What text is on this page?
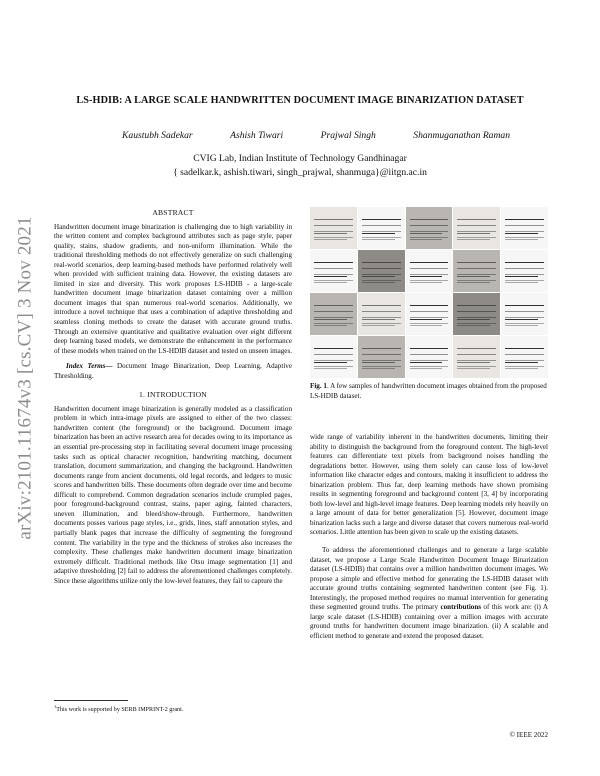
arXiv:2101.11674v3 [cs.CV] 3 Nov 2021
LS-HDIB: A LARGE SCALE HANDWRITTEN DOCUMENT IMAGE BINARIZATION DATASET
Kaustubh Sadekar	Ashish Tiwari	Prajwal Singh	Shanmuganathan Raman
CVIG Lab, Indian Institute of Technology Gandhinagar
{ sadelkar.k, ashish.tiwari, singh_prajwal, shanmuga}@iitgn.ac.in
ABSTRACT

Handwritten document image binarization is challenging due to high variability in the written content and complex background attributes such as page style, paper quality, stains, shadow gradients, and non-uniform illumination. While the traditional thresholding methods do not effectively generalize on such challenging real-world scenarios, deep learning-based methods have performed relatively well when provided with sufficient training data. However, the existing datasets are limited in size and diversity. This work proposes LS-HDIB - a large-scale handwritten document image binarization dataset containing over a million document images that span numerous real-world scenarios. Additionally, we introduce a novel technique that uses a combination of adaptive thresholding and seamless cloning methods to create the dataset with accurate ground truths. Through an extensive quantitative and qualitative evaluation over eight different deep learning based models, we demonstrate the enhancement in the performance of these models when trained on the LS-HDIB dataset and tested on unseen images.

Index Terms— Document Image Binarization, Deep Learning, Adaptive Thresholding.

1. INTRODUCTION

Handwritten document image binarization is generally modeled as a classification problem in which intra-image pixels are assigned to either of the two classes: handwritten content (the foreground) or the background. Document image binarization has been an active research area for decades owing to its importance as an essential pre-processing step in facilitating several document image processing tasks such as optical character recognition, handwriting matching, document translation, document summarization, and changing the background. Handwritten documents range from ancient documents, old legal records, and ledgers to music scores and handwritten bills. These documents often degrade over time and become difficult to comprehend. Common degradation scenarios include crumpled pages, poor foreground-background contrast, stains, paper aging, fainted characters, uneven illumination, and bleed/show-through. Furthermore, handwritten documents posses various page styles, i.e., grids, lines, staff annotation styles, and partially blank pages that increase the difficulty of segmenting the foreground content. The variability in the type and the thickness of strokes also increases the complexity. These challenges make handwritten document image binarization extremely difficult. Traditional methods like Otsu image segmentation [1] and adaptive thresholding [2] fail to address the aforementioned challenges completely. Since these algorithms utilize only the low-level features, they fail to capture the

Fig. 1. A few samples of handwritten document images obtained from the proposed LS-HDIB dataset.

wide range of variability inherent in the handwritten documents, limiting their ability to distinguish the background from the foreground content. The high-level features can differentiate text pixels from background noises handling the degradations better. However, using them solely can cause loss of low-level information like character edges and contours, making it insufficient to address the binarization problem. Thus far, deep learning methods have shown promising results in segmenting foreground and background content [3, 4] by incorporating both low-level and high-level image features. Deep learning models rely heavily on a large amount of data for better generalization [5]. However, document image binarization lacks such a large and diverse dataset that covers numerous real-world scenarios. Little attention has been given to scale up the existing datasets.

To address the aforementioned challenges and to generate a large scalable dataset, we propose a Large Scale Handwritten Document Image Binarization dataset (LS-HDIB) that contains over a million handwritten document images. We propose a simple and effective method for generating the LS-HDIB dataset with accurate ground truths containing segmented handwritten content (see Fig. 1). Interestingly, the proposed method requires no manual intervention for generating these segmented ground truths. The primary contributions of this work are: (i) A large scale dataset (LS-HDIB) containing over a million images with accurate ground truths for handwritten document image binarization. (ii) A scalable and efficient method to generate and extend the proposed dataset.

$^1$This work is supported by SERB IMPRINT-2 grant.
© IEEE 2022
